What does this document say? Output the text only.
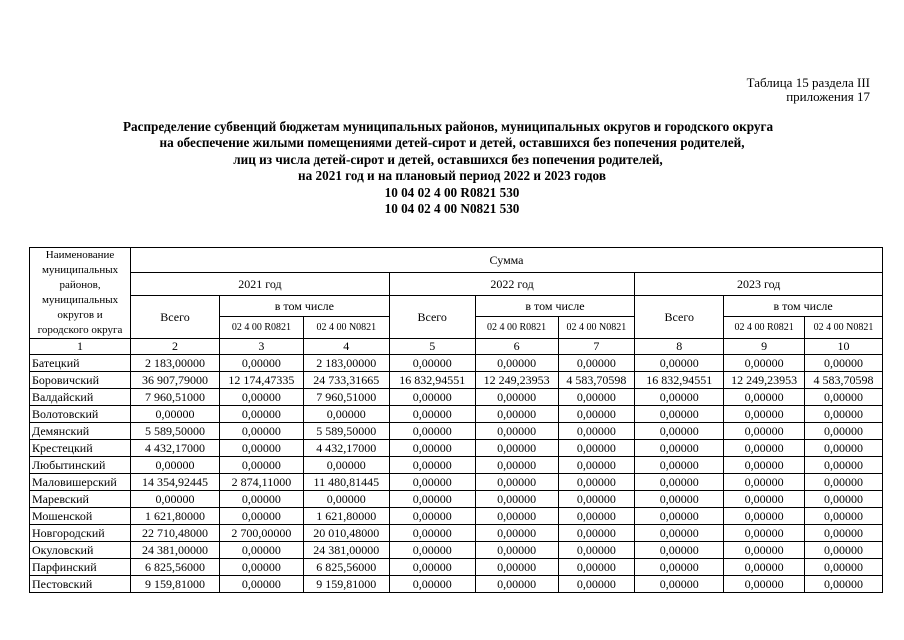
Таблица 15 раздела III
приложения 17
Распределение субвенций бюджетам муниципальных районов, муниципальных округов и городского округа
на обеспечение жилыми помещениями детей-сирот и детей, оставшихся без попечения родителей,
лиц из числа детей-сирот и детей, оставшихся без попечения родителей,
на 2021 год и на плановый период 2022 и 2023 годов
10 04 02 4 00 R0821 530
10 04 02 4 00 N0821 530
Наименование муниципальных районов, муниципальных округов и городского округа	Сумма								
	2021 год			2022 год			2023 год		
	Всего	в том числе		Всего	в том числе		Всего	в том числе	
		02 4 00 R0821	02 4 00 N0821		02 4 00 R0821	02 4 00 N0821		02 4 00 R0821	02 4 00 N0821
1	2	3	4	5	6	7	8	9	10
Батецкий	2 183,00000	0,00000	2 183,00000	0,00000	0,00000	0,00000	0,00000	0,00000	0,00000
Боровичский	36 907,79000	12 174,47335	24 733,31665	16 832,94551	12 249,23953	4 583,70598	16 832,94551	12 249,23953	4 583,70598
Валдайский	7 960,51000	0,00000	7 960,51000	0,00000	0,00000	0,00000	0,00000	0,00000	0,00000
Волотовский	0,00000	0,00000	0,00000	0,00000	0,00000	0,00000	0,00000	0,00000	0,00000
Демянский	5 589,50000	0,00000	5 589,50000	0,00000	0,00000	0,00000	0,00000	0,00000	0,00000
Крестецкий	4 432,17000	0,00000	4 432,17000	0,00000	0,00000	0,00000	0,00000	0,00000	0,00000
Любытинский	0,00000	0,00000	0,00000	0,00000	0,00000	0,00000	0,00000	0,00000	0,00000
Маловишерский	14 354,92445	2 874,11000	11 480,81445	0,00000	0,00000	0,00000	0,00000	0,00000	0,00000
Маревский	0,00000	0,00000	0,00000	0,00000	0,00000	0,00000	0,00000	0,00000	0,00000
Мошенской	1 621,80000	0,00000	1 621,80000	0,00000	0,00000	0,00000	0,00000	0,00000	0,00000
Новгородский	22 710,48000	2 700,00000	20 010,48000	0,00000	0,00000	0,00000	0,00000	0,00000	0,00000
Окуловский	24 381,00000	0,00000	24 381,00000	0,00000	0,00000	0,00000	0,00000	0,00000	0,00000
Парфинский	6 825,56000	0,00000	6 825,56000	0,00000	0,00000	0,00000	0,00000	0,00000	0,00000
Пестовский	9 159,81000	0,00000	9 159,81000	0,00000	0,00000	0,00000	0,00000	0,00000	0,00000
